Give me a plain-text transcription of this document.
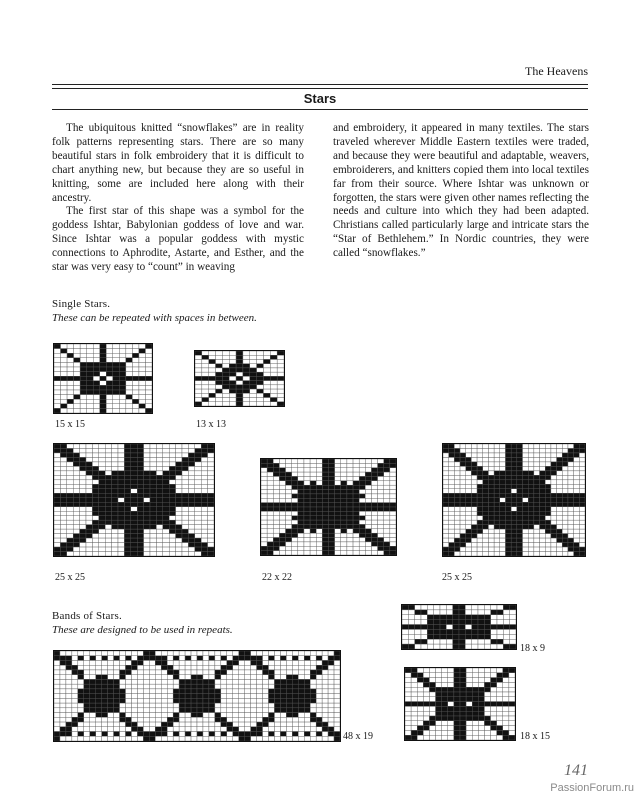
The Heavens
Stars

The ubiquitous knitted “snowflakes” are in reality folk patterns representing stars. There are so many beautiful stars in folk embroidery that it is difficult to chart anything new, but because they are so useful in knitting, some are included here along with their ancestry.

The first star of this shape was a symbol for the goddess Ishtar, Babylonian goddess of love and war. Since Ishtar was a popular goddess with mystic connections to Aphrodite, Astarte, and Esther, and the star was very easy to “count” in weaving

and embroidery, it appeared in many textiles. The stars traveled wherever Middle Eastern textiles were traded, and because they were beautiful and adaptable, weavers, embroiderers, and knitters copied them into local textiles far from their source. Where Ishtar was unknown or forgotten, the stars were given other names reflecting the needs and culture into which they had been adapted. Christians called particularly large and intricate stars the “Star of Bethlehem.” In Nordic countries, they were called “snowflakes.”

Single Stars.
These can be repeated with spaces in between.
Bands of Stars.
These are designed to be used in repeats.
15 x 15	13 x 13
25 x 25	22 x 22	25 x 25
18 x 9
18 x 15
48 x 19
141
PassionForum.ru
